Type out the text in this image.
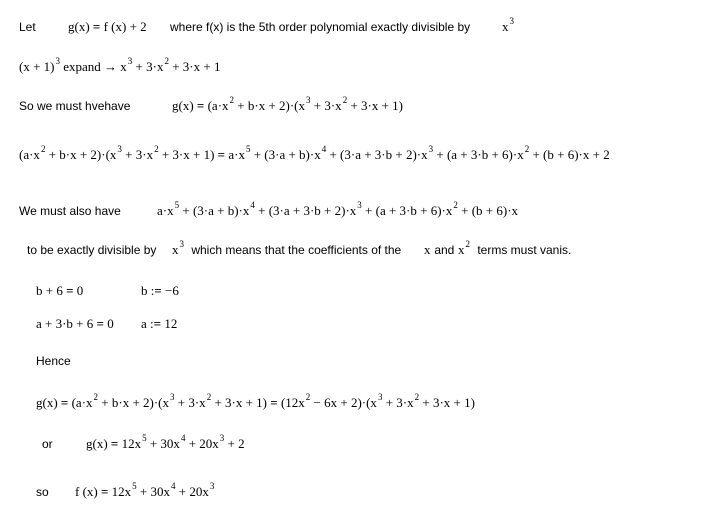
Let g(x) = f (x) + 2 where f(x) is the 5th order polynomial exactly divisible by $x^3$
$(x + 1)^3$ expand → $x^3 + 3\cdot x^2 + 3\cdot x + 1$
So we must hvehave	$g(x) = (a\cdot x^2 + b\cdot x + 2)\cdot(x^3 + 3\cdot x^2 + 3\cdot x + 1)$
$(a\cdot x^2 + b\cdot x + 2)\cdot(x^3 + 3\cdot x^2 + 3\cdot x + 1) = a\cdot x^5 + (3\cdot a + b)\cdot x^4 + (3\cdot a + 3\cdot b + 2)\cdot x^3 + (a + 3\cdot b + 6)\cdot x^2 + (b + 6)\cdot x + 2$
We must also have	$a\cdot x^5 + (3\cdot a + b)\cdot x^4 + (3\cdot a + 3\cdot b + 2)\cdot x^3 + (a + 3\cdot b + 6)\cdot x^2 + (b + 6)\cdot x$
to be exactly divisible by $x^3$ which means that the coefficients of the x and $x^2$ terms must vanis.
b + 6 = 0	b := −6
a + 3·b + 6 = 0 a := 12
Hence
$g(x) = (a\cdot x^2 + b\cdot x + 2)\cdot(x^3 + 3\cdot x^2 + 3\cdot x + 1) = (12x^2 - 6x + 2)\cdot(x^3 + 3\cdot x^2 + 3\cdot x + 1)$
or	$g(x) = 12x^5 + 30x^4 + 20x^3 + 2$
so f $(x) = 12x^5 + 30x^4 + 20x^3$
